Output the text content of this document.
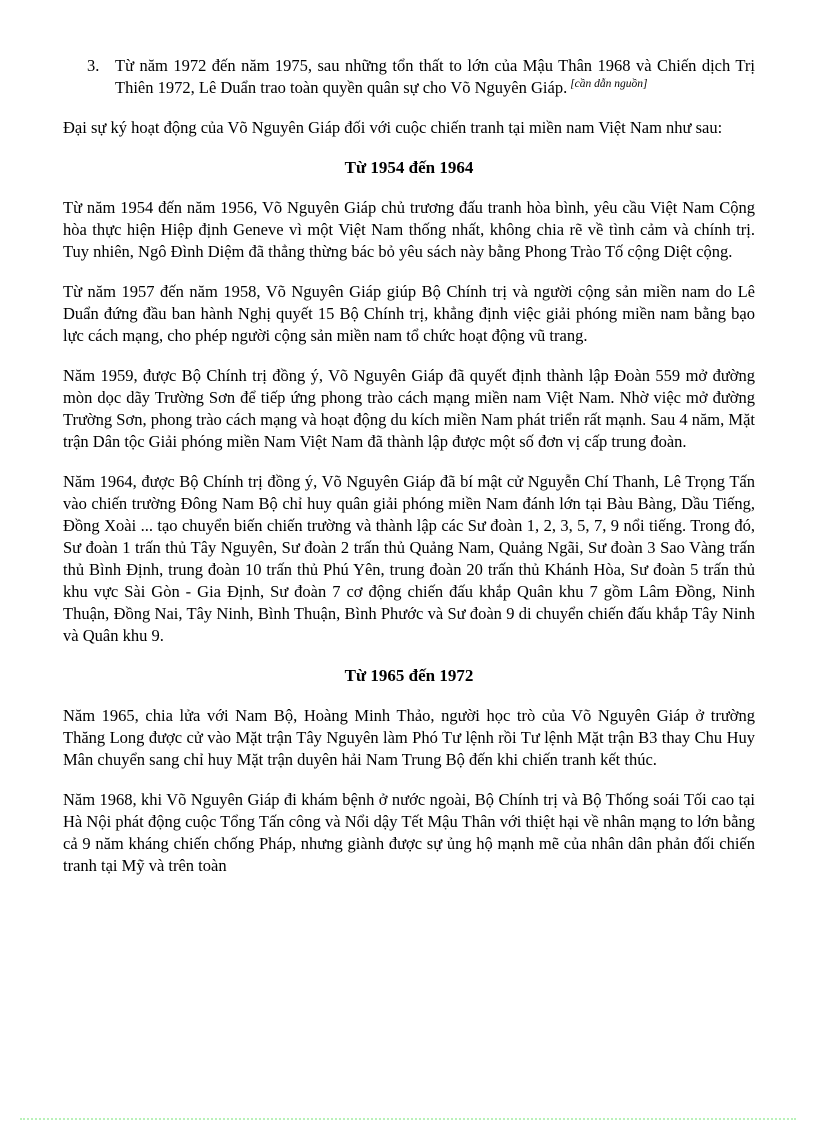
3. Từ năm 1972 đến năm 1975, sau những tổn thất to lớn của Mậu Thân 1968 và Chiến dịch Trị Thiên 1972, Lê Duẩn trao toàn quyền quân sự cho Võ Nguyên Giáp. [cần dẫn nguồn]

Đại sự ký hoạt động của Võ Nguyên Giáp đối với cuộc chiến tranh tại miền nam Việt Nam như sau:

Từ 1954 đến 1964

Từ năm 1954 đến năm 1956, Võ Nguyên Giáp chủ trương đấu tranh hòa bình, yêu cầu Việt Nam Cộng hòa thực hiện Hiệp định Geneve vì một Việt Nam thống nhất, không chia rẽ về tình cảm và chính trị. Tuy nhiên, Ngô Đình Diệm đã thẳng thừng bác bỏ yêu sách này bằng Phong Trào Tố cộng Diệt cộng.

Từ năm 1957 đến năm 1958, Võ Nguyên Giáp giúp Bộ Chính trị và người cộng sản miền nam do Lê Duẩn đứng đầu ban hành Nghị quyết 15 Bộ Chính trị, khẳng định việc giải phóng miền nam bằng bạo lực cách mạng, cho phép người cộng sản miền nam tổ chức hoạt động vũ trang.

Năm 1959, được Bộ Chính trị đồng ý, Võ Nguyên Giáp đã quyết định thành lập Đoàn 559 mở đường mòn dọc dãy Trường Sơn để tiếp ứng phong trào cách mạng miền nam Việt Nam. Nhờ việc mở đường Trường Sơn, phong trào cách mạng và hoạt động du kích miền Nam phát triển rất mạnh. Sau 4 năm, Mặt trận Dân tộc Giải phóng miền Nam Việt Nam đã thành lập được một số đơn vị cấp trung đoàn.

Năm 1964, được Bộ Chính trị đồng ý, Võ Nguyên Giáp đã bí mật cử Nguyễn Chí Thanh, Lê Trọng Tấn vào chiến trường Đông Nam Bộ chỉ huy quân giải phóng miền Nam đánh lớn tại Bàu Bàng, Dầu Tiếng, Đồng Xoài ... tạo chuyển biến chiến trường và thành lập các Sư đoàn 1, 2, 3, 5, 7, 9 nổi tiếng. Trong đó, Sư đoàn 1 trấn thủ Tây Nguyên, Sư đoàn 2 trấn thủ Quảng Nam, Quảng Ngãi, Sư đoàn 3 Sao Vàng trấn thủ Bình Định, trung đoàn 10 trấn thủ Phú Yên, trung đoàn 20 trấn thủ Khánh Hòa, Sư đoàn 5 trấn thủ khu vực Sài Gòn - Gia Định, Sư đoàn 7 cơ động chiến đấu khắp Quân khu 7 gồm Lâm Đồng, Ninh Thuận, Đồng Nai, Tây Ninh, Bình Thuận, Bình Phước và Sư đoàn 9 di chuyển chiến đấu khắp Tây Ninh và Quân khu 9.

Từ 1965 đến 1972

Năm 1965, chia lửa với Nam Bộ, Hoàng Minh Thảo, người học trò của Võ Nguyên Giáp ở trường Thăng Long được cử vào Mặt trận Tây Nguyên làm Phó Tư lệnh rồi Tư lệnh Mặt trận B3 thay Chu Huy Mân chuyển sang chỉ huy Mặt trận duyên hải Nam Trung Bộ đến khi chiến tranh kết thúc.

Năm 1968, khi Võ Nguyên Giáp đi khám bệnh ở nước ngoài, Bộ Chính trị và Bộ Thống soái Tối cao tại Hà Nội phát động cuộc Tổng Tấn công và Nổi dậy Tết Mậu Thân với thiệt hại về nhân mạng to lớn bằng cả 9 năm kháng chiến chống Pháp, nhưng giành được sự ủng hộ mạnh mẽ của nhân dân phản đối chiến tranh tại Mỹ và trên toàn
